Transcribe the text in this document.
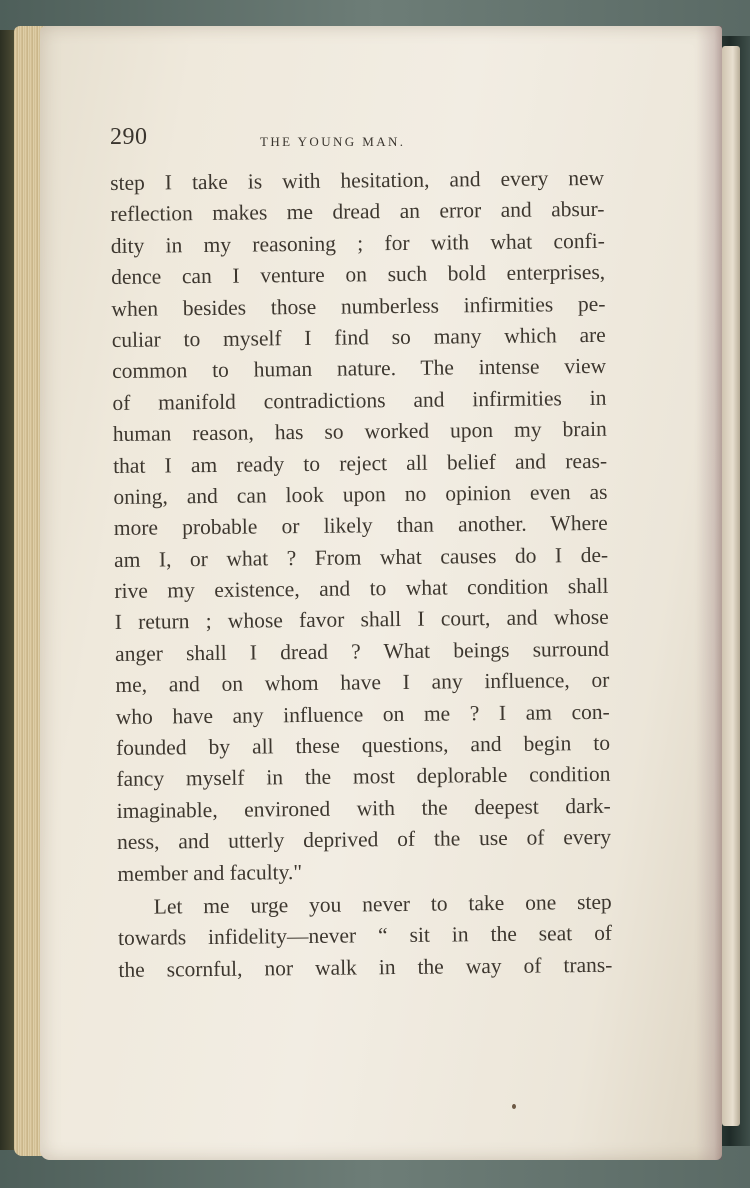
290	THE YOUNG MAN.
step I take is with hesitation, and every new
reflection makes me dread an error and absur-
dity in my reasoning ; for with what confi-
dence can I venture on such bold enterprises,
when besides those numberless infirmities pe-
culiar to myself I find so many which are
common to human nature. The intense view
of manifold contradictions and infirmities in
human reason, has so worked upon my brain
that I am ready to reject all belief and reas-
oning, and can look upon no opinion even as
more probable or likely than another. Where
am I, or what ? From what causes do I de-
rive my existence, and to what condition shall
I return ; whose favor shall I court, and whose
anger shall I dread ? What beings surround
me, and on whom have I any influence, or
who have any influence on me ? I am con-
founded by all these questions, and begin to
fancy myself in the most deplorable condition
imaginable, environed with the deepest dark-
ness, and utterly deprived of the use of every
member and faculty."
Let me urge you never to take one step
towards infidelity—never “ sit in the seat of
the scornful, nor walk in the way of trans-
